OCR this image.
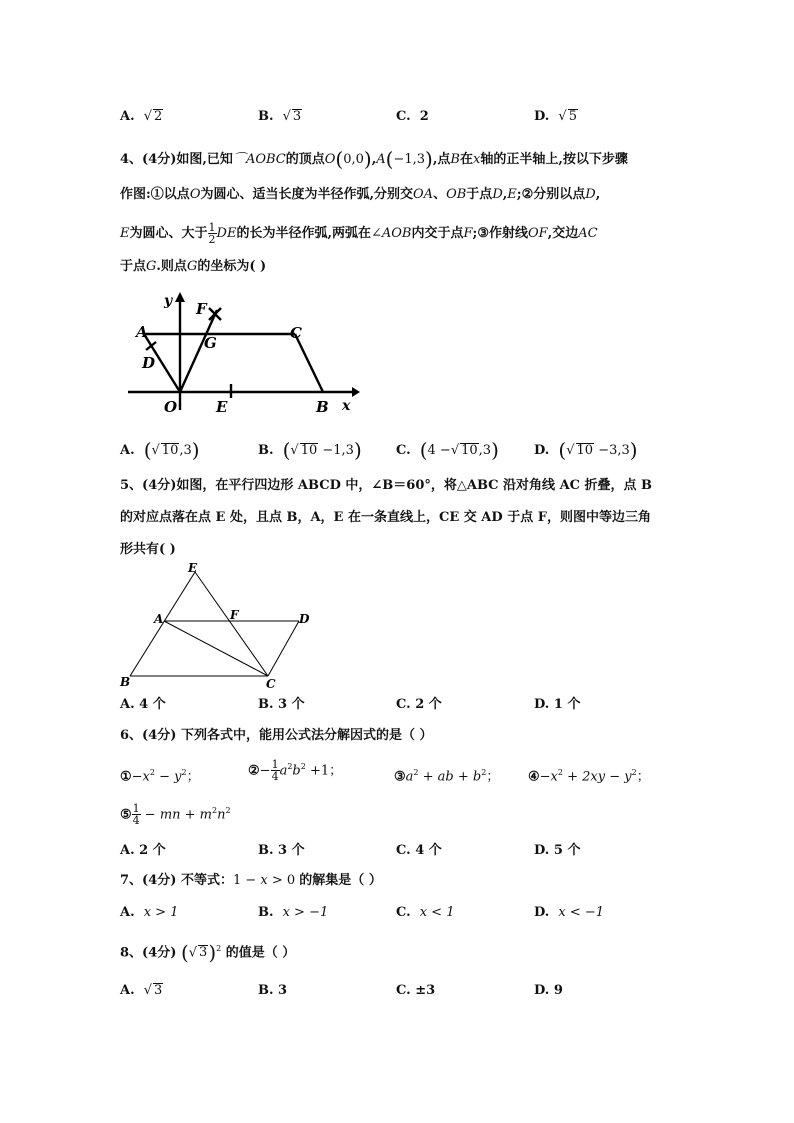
A. √ 2	B. √ 3	C. 2	D. √ 5
4、(4分)如图,已知⌒AOBC的顶点O(0,0),A(−1,3),点B在x轴的正半轴上,按以下步骤
作图:①以点O为圆心、适当长度为半径作弧,分别交OA、OB于点D,E;②分别以点D,
E为圆心、大于 $\frac{1}{2}$ DE的长为半径作弧,两弧在∠AOB内交于点F;③作射线OF,交边AC
于点G.则点G的坐标为( )
y F
A	C
G
D
O	E	B x
A. (√ 10,3)	B. (√ 10 −1,3)	C. (4 −√ 10,3)	D. (√ 10 −3,3)
5、(4分)如图，在平行四边形 ABCD 中，∠B＝60°，将△ABC 沿对角线 AC 折叠，点 B
的对应点落在点 E 处，且点 B，A，E 在一条直线上，CE 交 AD 于点 F，则图中等边三角
形共有( )
E
A	F	D
B	C
A. 4 个	B. 3 个	C. 2 个	D. 1 个
6、(4分) 下列各式中，能用公式法分解因式的是（ ）
$①-x^2 - y^2$；	②− $\frac{1}{4} a^2b^2 +1$；	$③a^2$ + ab + $b^2$； $④-x^2 + 2xy - y^2$；
⑤ $\frac{1}{4}$ − mn + $m^2n^2$
A. 2 个	B. 3 个	C. 4 个	D. 5 个
7、(4分) 不等式：1 − x > 0 的解集是（ ）
A. x > 1	B. x > −1	C. x < 1	D. x < −1
8、(4分) (√ 3)$^2$ 的值是（ ）
A. √ 3	B. 3	C. ±3	D. 9
